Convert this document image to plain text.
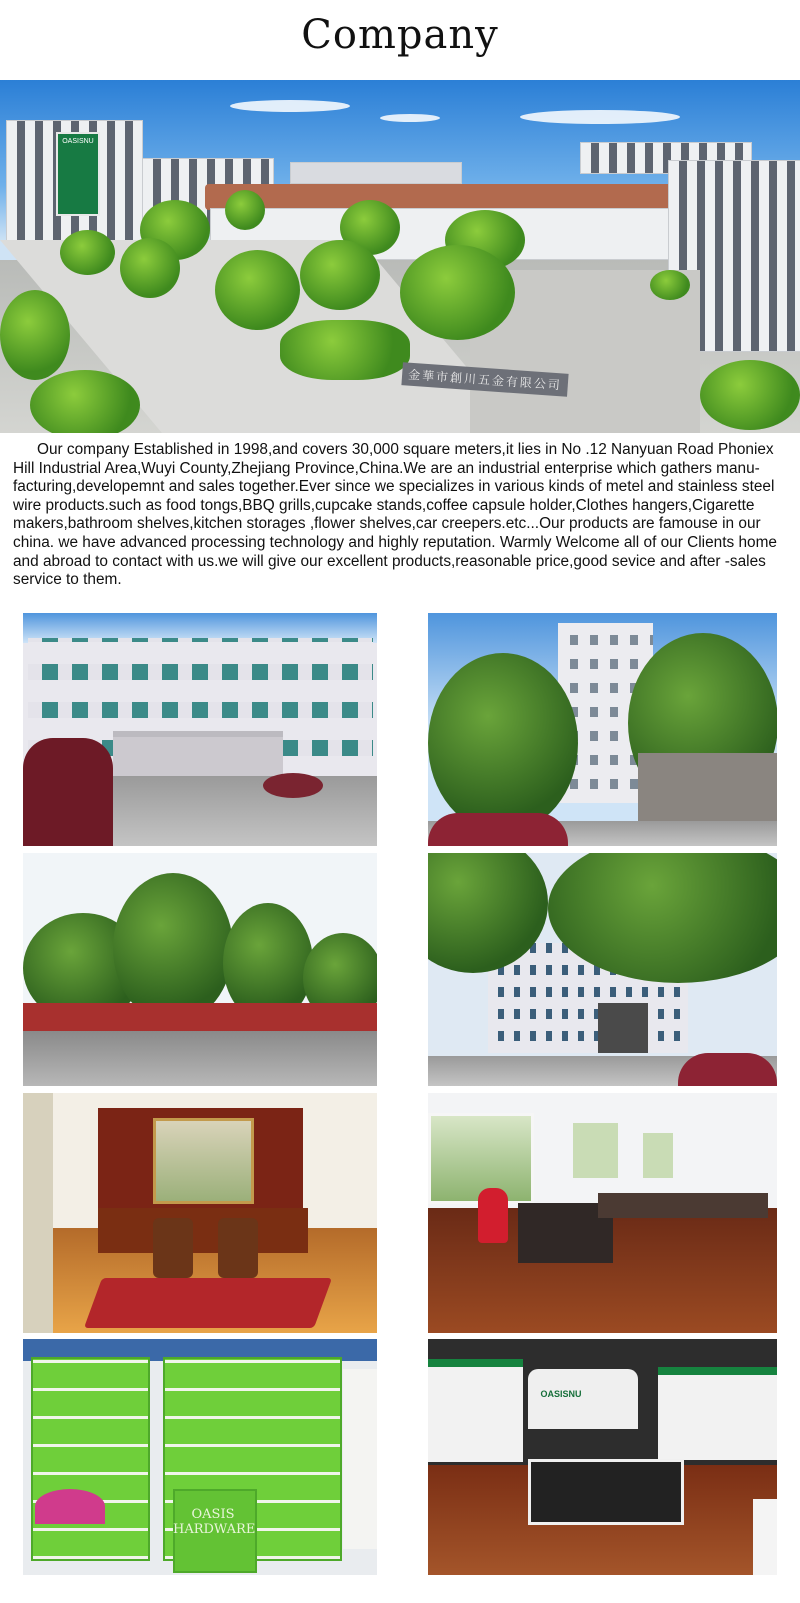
Company
OASISNU
金華市創川五金有限公司

Our company Established in 1998,and covers 30,000 square meters,it lies in No .12 Nanyuan Road Phoniex Hill Industrial Area,Wuyi County,Zhejiang Province,China.We are an industrial enterprise which gathers manu-facturing,developemnt and sales together.Ever since we specializes in various kinds of metel and stainless steel wire products.such as food tongs,BBQ grills,cupcake stands,coffee capsule holder,Clothes hangers,Cigarette makers,bathroom shelves,kitchen storages ,flower shelves,car creepers.etc...Our products are famouse in our china. we have advanced processing technology and highly reputation. Warmly Welcome all of our Clients home and abroad to contact with us.we will give our excellent products,reasonable price,good sevice and after -sales service to them.

OASIS
HARDWARE
OASISNU
